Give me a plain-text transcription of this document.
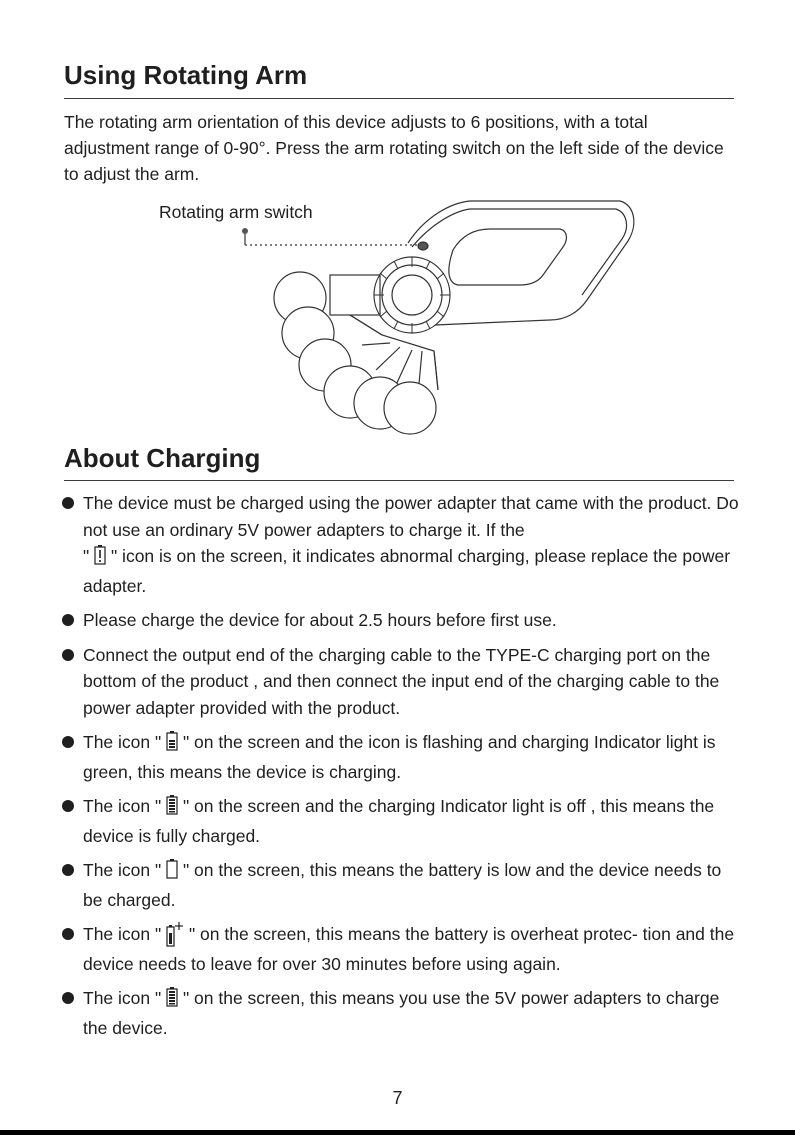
Using Rotating Arm

The rotating arm orientation of this device adjusts to 6 positions, with a total adjustment range of 0-90°. Press the arm rotating switch on the left side of the device to adjust the arm.

Rotating arm switch
About Charging
The device must be charged using the power adapter that came with the product. Do not use an ordinary 5V power adapters to charge it. If the
" " icon is on the screen, it indicates abnormal charging, please replace the power adapter.
Please charge the device for about 2.5 hours before first use.
Connect the output end of the charging cable to the TYPE-C charging port on the bottom of the product , and then connect the input end of the charging cable to the power adapter provided with the product.
The icon " " on the screen and the icon is flashing and charging Indicator light is green, this means the device is charging.
The icon " " on the screen and the charging Indicator light is off , this means the device is fully charged.
The icon " " on the screen, this means the battery is low and the device needs to be charged.
The icon " " on the screen, this means the battery is overheat protec- tion and the device needs to leave for over 30 minutes before using again.
The icon " " on the screen, this means you use the 5V power adapters to charge the device.
7
